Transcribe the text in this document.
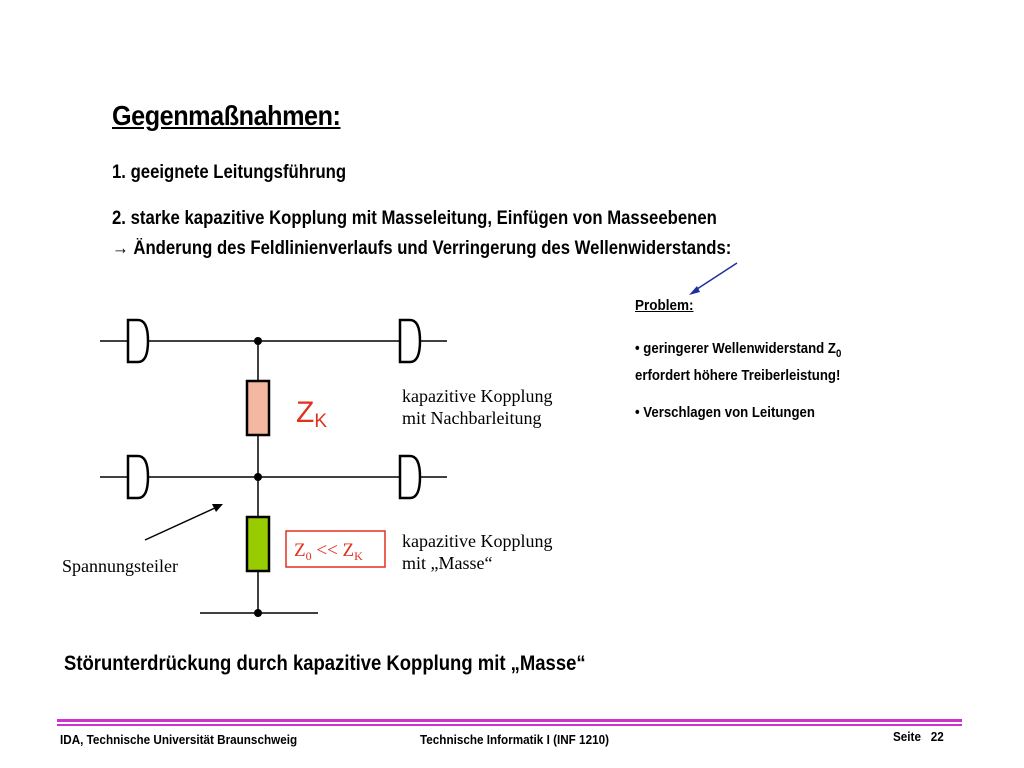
Gegenmaßnahmen:
1. geeignete Leitungsführung
2. starke kapazitive Kopplung mit Masseleitung, Einfügen von Masseebenen
→ Änderung des Feldlinienverlaufs und Verringerung des Wellenwiderstands:
Problem:
• geringerer Wellenwiderstand $Z_0$
erfordert höhere Treiberleistung!
• Verschlagen von Leitungen
ZK
$Z_0 << Z_K$
kapazitive Kopplung
mit Nachbarleitung
kapazitive Kopplung
mit „Masse“
Spannungsteiler
Störunterdrückung durch kapazitive Kopplung mit „Masse“
IDA, Technische Universität Braunschweig	Technische Informatik I (INF 1210)	Seite 22
